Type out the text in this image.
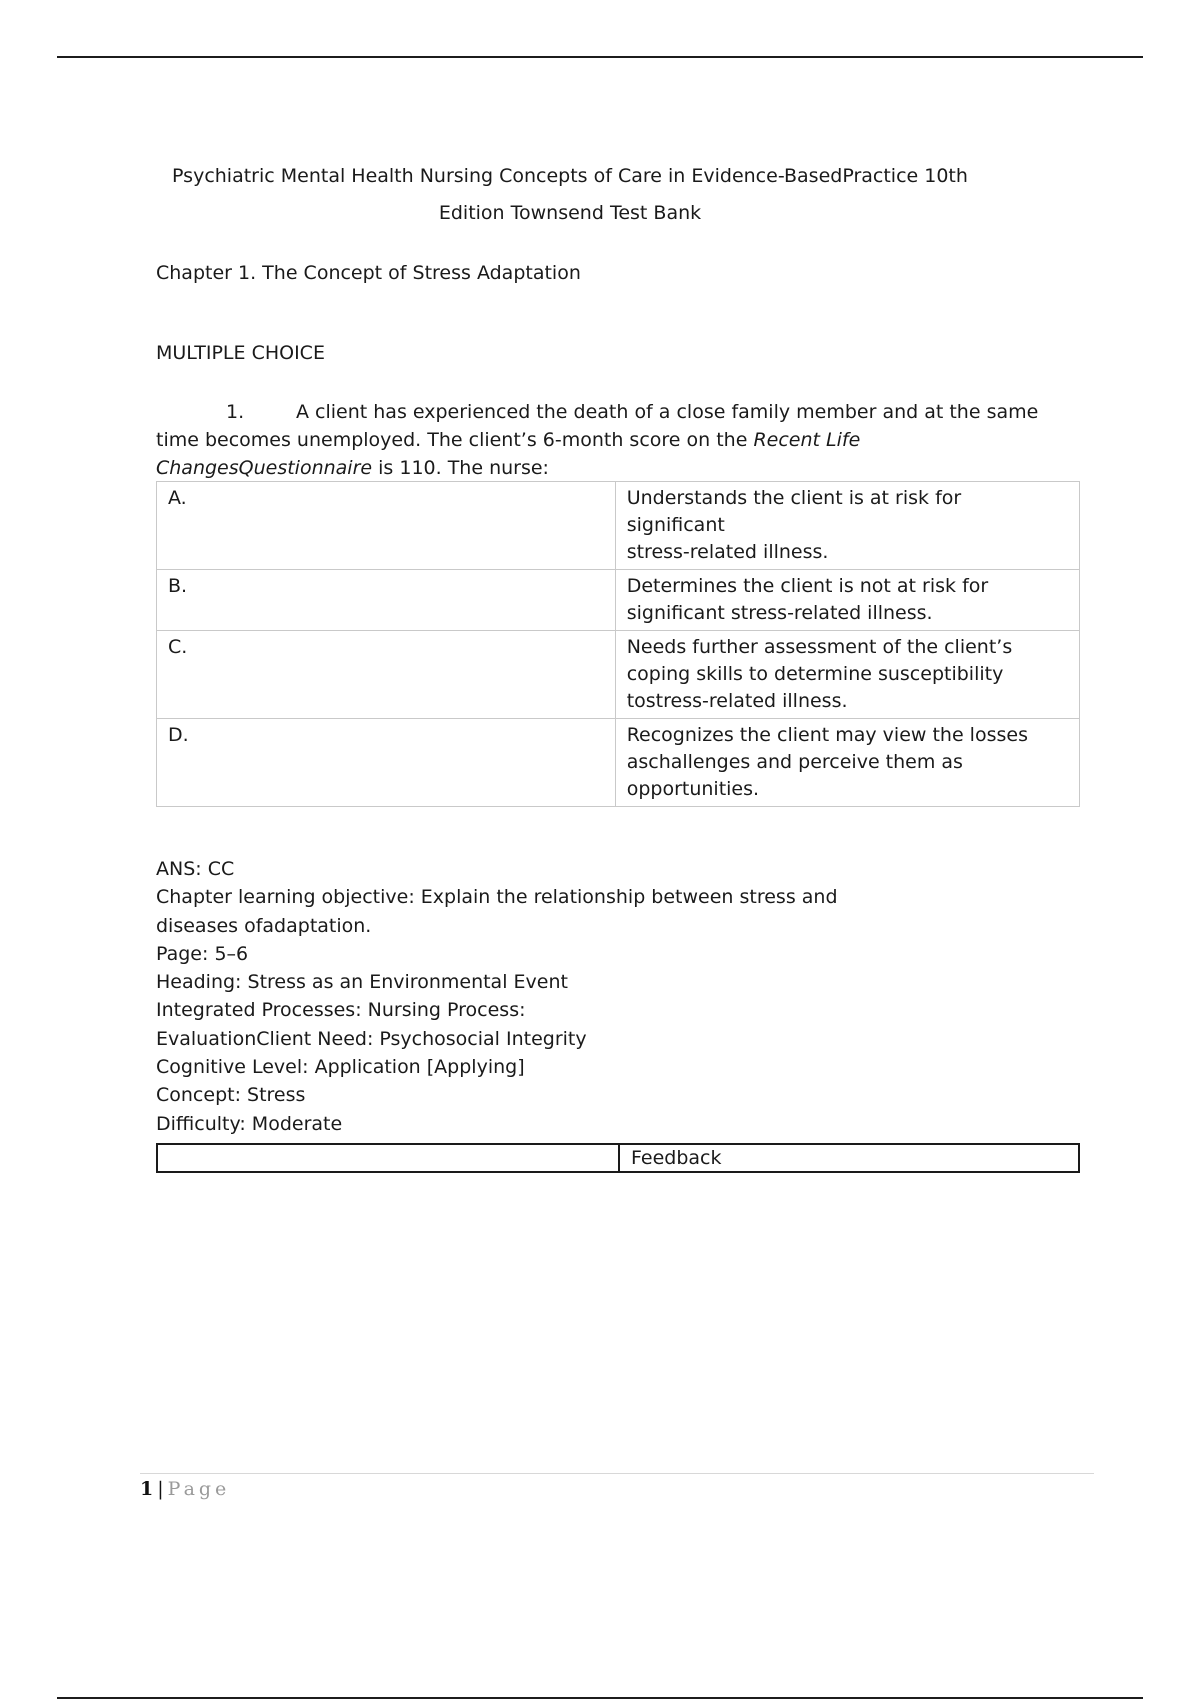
Psychiatric Mental Health Nursing Concepts of Care in Evidence-BasedPractice 10th
Edition Townsend Test Bank
Chapter 1. The Concept of Stress Adaptation
MULTIPLE CHOICE
1.	A client has experienced the death of a close family member and at the same time becomes unemployed. The client’s 6-month score on the Recent Life
ChangesQuestionnaire is 110. The nurse:
A.	Understands the client is at risk for
significant
stress-related illness.

B.	Determines the client is not at risk for
significant stress-related illness.

C.	Needs further assessment of the client’s
coping skills to determine susceptibility
tostress-related illness.

D.	Recognizes the client may view the losses
aschallenges and perceive them as
opportunities.
ANS: CC
Chapter learning objective: Explain the relationship between stress and
diseases ofadaptation.
Page: 5–6
Heading: Stress as an Environmental Event
Integrated Processes: Nursing Process:
EvaluationClient Need: Psychosocial Integrity
Cognitive Level: Application [Applying]
Concept: Stress
Difficulty: Moderate
	Feedback
1 | Page
